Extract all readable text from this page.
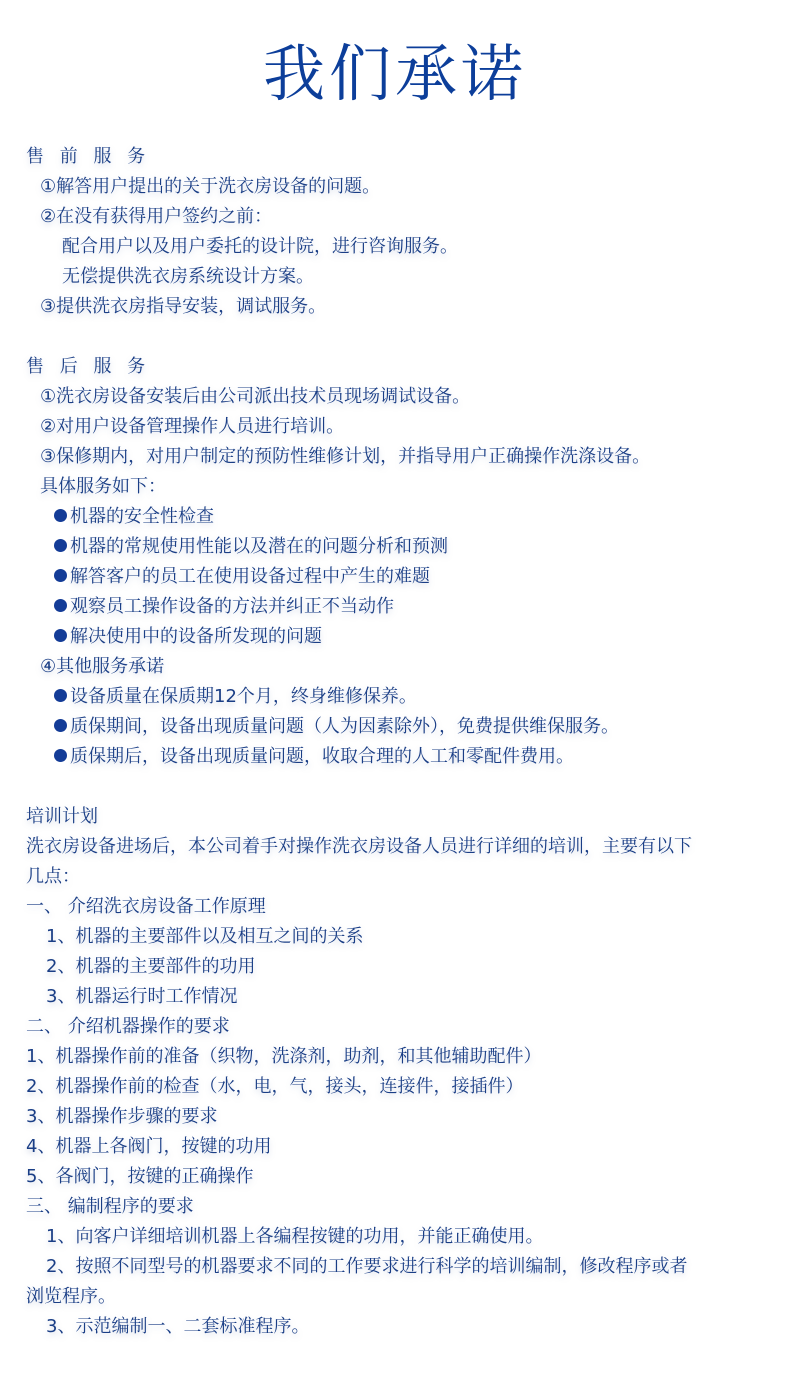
我们承诺
售 前 服 务
①解答用户提出的关于洗衣房设备的问题。
②在没有获得用户签约之前：
配合用户以及用户委托的设计院，进行咨询服务。
无偿提供洗衣房系统设计方案。
③提供洗衣房指导安装，调试服务。
售 后 服 务
①洗衣房设备安装后由公司派出技术员现场调试设备。
②对用户设备管理操作人员进行培训。
③保修期内，对用户制定的预防性维修计划，并指导用户正确操作洗涤设备。
具体服务如下：
机器的安全性检查
机器的常规使用性能以及潜在的问题分析和预测
解答客户的员工在使用设备过程中产生的难题
观察员工操作设备的方法并纠正不当动作
解决使用中的设备所发现的问题
④其他服务承诺
设备质量在保质期12个月，终身维修保养。
质保期间，设备出现质量问题（人为因素除外），免费提供维保服务。
质保期后，设备出现质量问题，收取合理的人工和零配件费用。
培训计划
洗衣房设备进场后，本公司着手对操作洗衣房设备人员进行详细的培训，主要有以下
几点：
一、 介绍洗衣房设备工作原理
1、机器的主要部件以及相互之间的关系
2、机器的主要部件的功用
3、机器运行时工作情况
二、 介绍机器操作的要求
1、机器操作前的准备（织物，洗涤剂，助剂，和其他辅助配件）
2、机器操作前的检查（水，电，气，接头，连接件，接插件）
3、机器操作步骤的要求
4、机器上各阀门，按键的功用
5、各阀门，按键的正确操作
三、 编制程序的要求
1、向客户详细培训机器上各编程按键的功用，并能正确使用。
2、按照不同型号的机器要求不同的工作要求进行科学的培训编制，修改程序或者
浏览程序。
3、示范编制一、二套标准程序。
